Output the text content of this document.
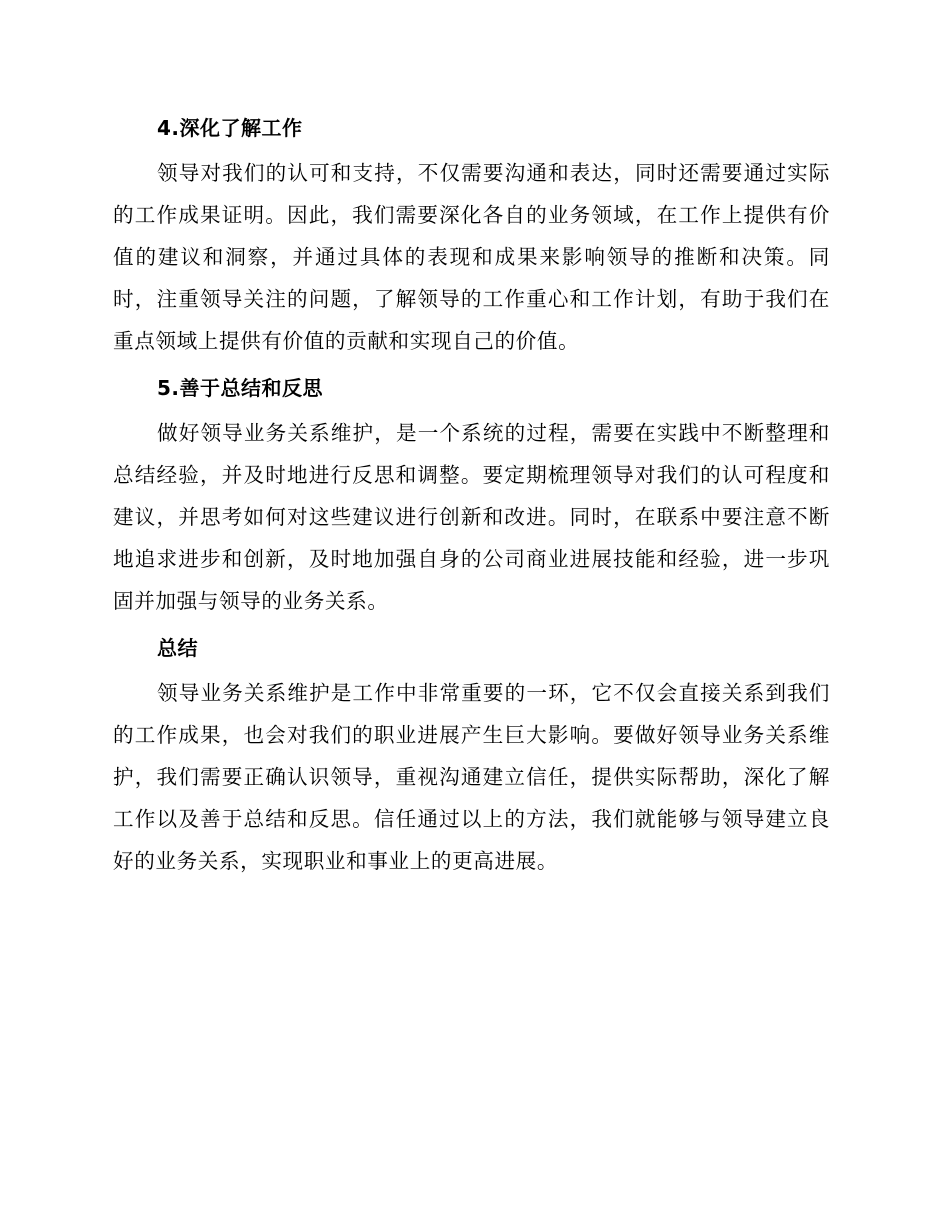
4.深化了解工作

领导对我们的认可和支持，不仅需要沟通和表达，同时还需要通过实际的工作成果证明。因此，我们需要深化各自的业务领域，在工作上提供有价值的建议和洞察，并通过具体的表现和成果来影响领导的推断和决策。同时，注重领导关注的问题，了解领导的工作重心和工作计划，有助于我们在重点领域上提供有价值的贡献和实现自己的价值。

5.善于总结和反思

做好领导业务关系维护，是一个系统的过程，需要在实践中不断整理和总结经验，并及时地进行反思和调整。要定期梳理领导对我们的认可程度和建议，并思考如何对这些建议进行创新和改进。同时，在联系中要注意不断地追求进步和创新，及时地加强自身的公司商业进展技能和经验，进一步巩固并加强与领导的业务关系。

总结

领导业务关系维护是工作中非常重要的一环，它不仅会直接关系到我们的工作成果，也会对我们的职业进展产生巨大影响。要做好领导业务关系维护，我们需要正确认识领导，重视沟通建立信任，提供实际帮助，深化了解工作以及善于总结和反思。信任通过以上的方法，我们就能够与领导建立良好的业务关系，实现职业和事业上的更高进展。
